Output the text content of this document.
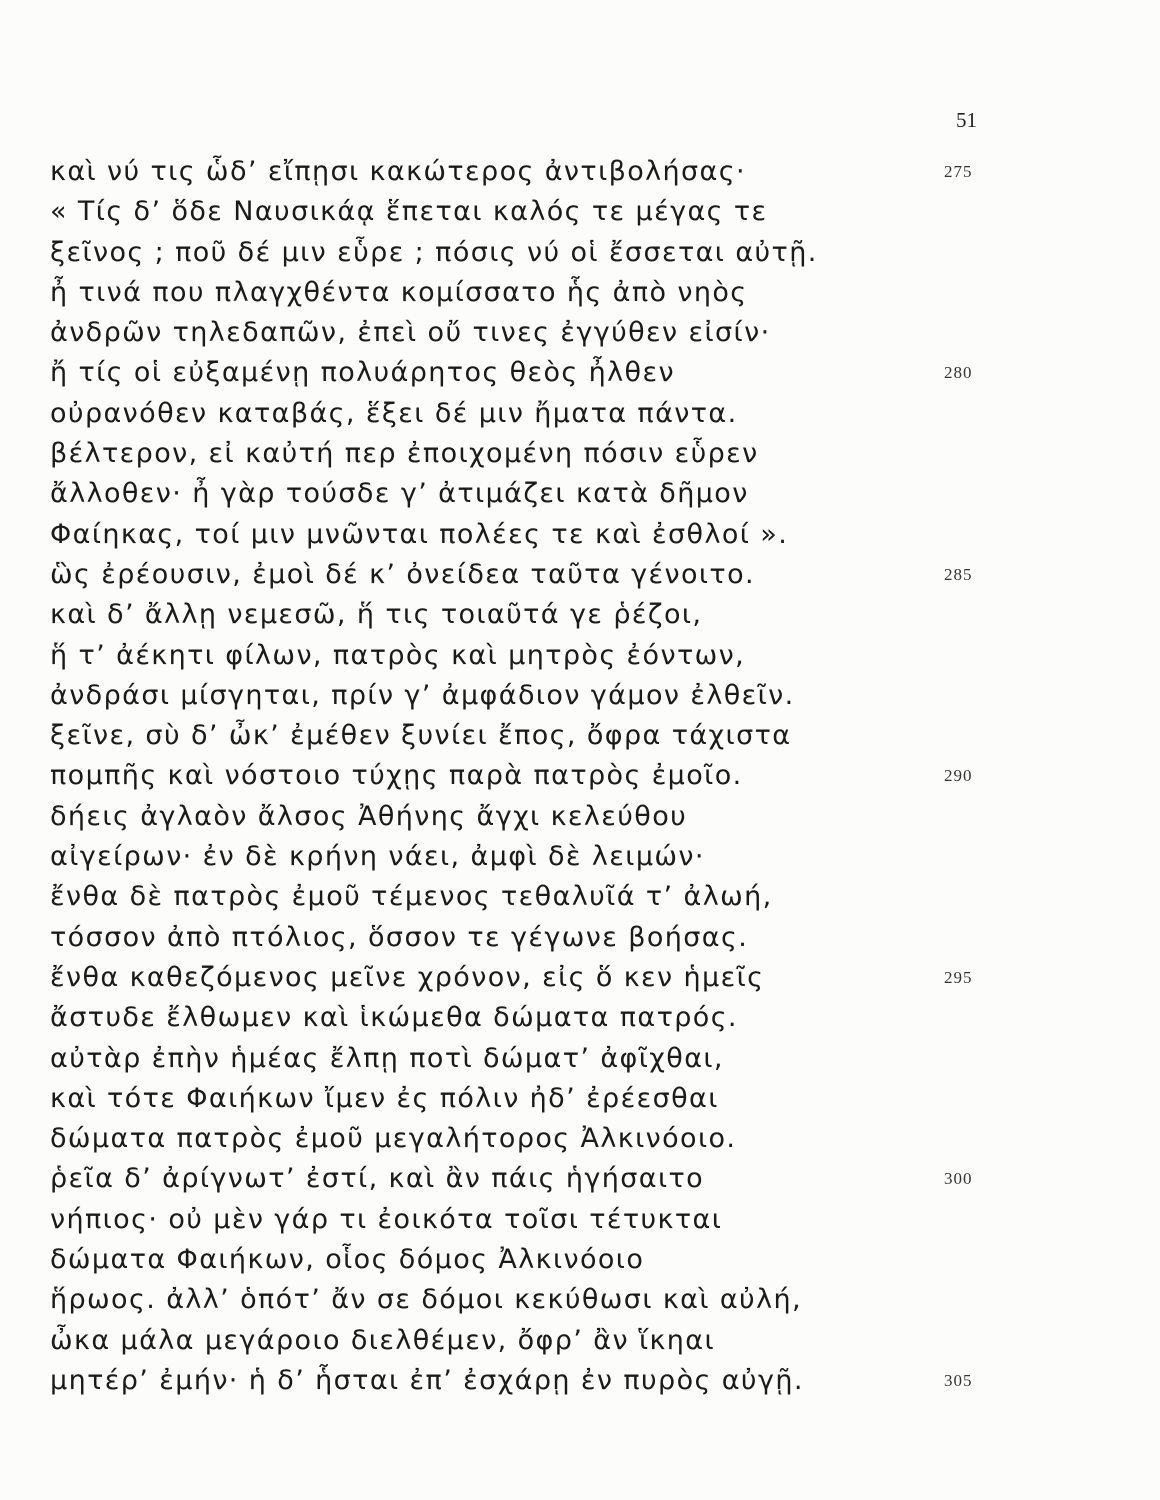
51
καὶ νύ τις ὧδ’ εἴπῃσι κακώτερος ἀντιβολήσας·	275
« Τίς δ’ ὅδε Ναυσικάᾳ ἕπεται καλός τε μέγας τε
ξεῖνος ; ποῦ δέ μιν εὗρε ; πόσις νύ οἱ ἔσσεται αὐτῇ.
ἦ τινά που πλαγχθέντα κομίσσατο ἧς ἀπὸ νηὸς
ἀνδρῶν τηλεδαπῶν, ἐπεὶ οὔ τινες ἐγγύθεν εἰσίν·
ἤ τίς οἱ εὐξαμένῃ πολυάρητος θεὸς ἦλθεν	280
οὐρανόθεν καταβάς, ἕξει δέ μιν ἤματα πάντα.
βέλτερον, εἰ καὐτή περ ἐποιχομένη πόσιν εὗρεν
ἄλλοθεν· ἦ γὰρ τούσδε γ’ ἀτιμάζει κατὰ δῆμον
Φαίηκας, τοί μιν μνῶνται πολέες τε καὶ ἐσθλοί ».
ὣς ἐρέουσιν, ἐμοὶ δέ κ’ ὀνείδεα ταῦτα γένοιτο.	285
καὶ δ’ ἄλλῃ νεμεσῶ, ἥ τις τοιαῦτά γε ῥέζοι,
ἥ τ’ ἀέκητι φίλων, πατρὸς καὶ μητρὸς ἐόντων,
ἀνδράσι μίσγηται, πρίν γ’ ἀμφάδιον γάμον ἐλθεῖν.
ξεῖνε, σὺ δ’ ὦκ’ ἐμέθεν ξυνίει ἔπος, ὄφρα τάχιστα
πομπῆς καὶ νόστοιο τύχῃς παρὰ πατρὸς ἐμοῖο.	290
δήεις ἀγλαὸν ἄλσος Ἀθήνης ἄγχι κελεύθου
αἰγείρων· ἐν δὲ κρήνη νάει, ἀμφὶ δὲ λειμών·
ἔνθα δὲ πατρὸς ἐμοῦ τέμενος τεθαλυῖά τ’ ἀλωή,
τόσσον ἀπὸ πτόλιος, ὅσσον τε γέγωνε βοήσας.
ἔνθα καθεζόμενος μεῖνε χρόνον, εἰς ὅ κεν ἡμεῖς	295
ἄστυδε ἔλθωμεν καὶ ἱκώμεθα δώματα πατρός.
αὐτὰρ ἐπὴν ἡμέας ἔλπῃ ποτὶ δώματ’ ἀφῖχθαι,
καὶ τότε Φαιήκων ἴμεν ἐς πόλιν ἠδ’ ἐρέεσθαι
δώματα πατρὸς ἐμοῦ μεγαλήτορος Ἀλκινόοιο.
ῥεῖα δ’ ἀρίγνωτ’ ἐστί, καὶ ἂν πάις ἡγήσαιτο	300
νήπιος· οὐ μὲν γάρ τι ἐοικότα τοῖσι τέτυκται
δώματα Φαιήκων, οἷος δόμος Ἀλκινόοιο
ἥρωος. ἀλλ’ ὁπότ’ ἄν σε δόμοι κεκύθωσι καὶ αὐλή,
ὦκα μάλα μεγάροιο διελθέμεν, ὄφρ’ ἂν ἵκηαι
μητέρ’ ἐμήν· ἡ δ’ ἧσται ἐπ’ ἐσχάρῃ ἐν πυρὸς αὐγῇ.	305
